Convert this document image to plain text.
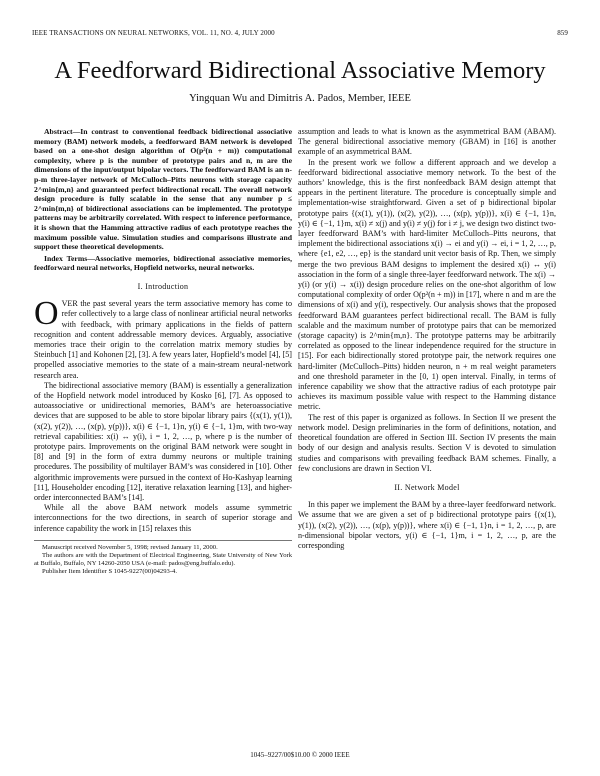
IEEE TRANSACTIONS ON NEURAL NETWORKS, VOL. 11, NO. 4, JULY 2000	859
A Feedforward Bidirectional Associative Memory
Yingquan Wu and Dimitris A. Pados, Member, IEEE

Abstract—In contrast to conventional feedback bidirectional associative memory (BAM) network models, a feedforward BAM network is developed based on a one-shot design algorithm of O(p²(n + m)) computational complexity, where p is the number of prototype pairs and n, m are the dimensions of the input/output bipolar vectors. The feedforward BAM is an n-p-m three-layer network of McCulloch–Pitts neurons with storage capacity 2^min{m,n} and guaranteed perfect bidirectional recall. The overall network design procedure is fully scalable in the sense that any number p ≤ 2^min{m,n} of bidirectional associations can be implemented. The prototype patterns may be arbitrarily correlated. With respect to inference performance, it is shown that the Hamming attractive radius of each prototype reaches the maximum possible value. Simulation studies and comparisons illustrate and support these theoretical developments.

Index Terms—Associative memories, bidirectional associative memories, feedforward neural networks, Hopfield networks, neural networks.

I. Introduction

OVER the past several years the term associative memory has come to refer collectively to a large class of nonlinear artificial neural networks with feedback, with primary applications in the fields of pattern recognition and content addressable memory devices. Arguably, associative memories trace their origin to the correlation matrix memory studies by Steinbuch [1] and Kohonen [2], [3]. A few years later, Hopfield’s model [4], [5] propelled associative memories to the state of a main-stream neural-network research area.

The bidirectional associative memory (BAM) is essentially a generalization of the Hopfield network model introduced by Kosko [6], [7]. As opposed to autoassociative or unidirectional memories, BAM’s are heteroassociative devices that are supposed to be able to store bipolar library pairs {(x(1), y(1)), (x(2), y(2)), …, (x(p), y(p))}, x(i) ∈ {−1, 1}n, y(i) ∈ {−1, 1}m, with two-way retrieval capabilities: x(i) ↔ y(i), i = 1, 2, …, p, where p is the number of prototype pairs. Improvements on the original BAM network were sought in [8] and [9] in the form of extra dummy neurons or multiple training procedures. The possibility of multilayer BAM’s was considered in [10]. Other algorithmic improvements were pursued in the context of Ho-Kashyap learning [11], Householder encoding [12], iterative relaxation learning [13], and higher-order interconnected BAM’s [14].

While all the above BAM network models assume symmetric interconnections for the two directions, in search of superior storage and inference capability the work in [15] relaxes this

Manuscript received November 5, 1998; revised January 11, 2000.

The authors are with the Department of Electrical Engineering, State University of New York at Buffalo, Buffalo, NY 14260-2050 USA (e-mail: pados@eng.buffalo.edu).

Publisher Item Identifier S 1045-9227(00)04293-4.

assumption and leads to what is known as the asymmetrical BAM (ABAM). The general bidirectional associative memory (GBAM) in [16] is another example of an asymmetrical BAM.

In the present work we follow a different approach and we develop a feedforward bidirectional associative memory network. To the best of the authors’ knowledge, this is the first nonfeedback BAM design attempt that appears in the pertinent literature. The procedure is conceptually simple and implementation-wise straightforward. Given a set of p bidirectional bipolar prototype pairs {(x(1), y(1)), (x(2), y(2)), …, (x(p), y(p))}, x(i) ∈ {−1, 1}n, y(i) ∈ {−1, 1}m, x(i) ≠ x(j) and y(i) ≠ y(j) for i ≠ j, we design two distinct two-layer feedforward BAM’s with hard-limiter McCulloch–Pitts neurons, that implement the bidirectional associations x(i) → ei and y(i) → ei, i = 1, 2, …, p, where {e1, e2, …, ep} is the standard unit vector basis of Rp. Then, we simply merge the two previous BAM designs to implement the desired x(i) ↔ y(i) association in the form of a single three-layer feedforward network. The x(i) → y(i) (or y(i) → x(i)) design procedure relies on the one-shot algorithm of low computational complexity of order O(p²(n + m)) in [17], where n and m are the dimensions of x(i) and y(i), respectively. Our analysis shows that the proposed feedforward BAM guarantees perfect bidirectional recall. The BAM is fully scalable and the maximum number of prototype pairs that can be memorized (storage capacity) is 2^min{m,n}. The prototype patterns may be arbitrarily correlated as opposed to the linear independence required for the structure in [15]. For each bidirectionally stored prototype pair, the network requires one hard-limiter (McCulloch–Pitts) hidden neuron, n + m real weight parameters and one threshold parameter in the [0, 1) open interval. Finally, in terms of inference capability we show that the attractive radius of each prototype pair achieves its maximum possible value with respect to the Hamming distance metric.

The rest of this paper is organized as follows. In Section II we present the network model. Design preliminaries in the form of definitions, notation, and theoretical foundation are offered in Section III. Section IV presents the main body of our design and analysis results. Section V is devoted to simulation studies and comparisons with prevailing feedback BAM schemes. Finally, a few conclusions are drawn in Section VI.

II. Network Model

In this paper we implement the BAM by a three-layer feedforward network. We assume that we are given a set of p bidirectional prototype pairs {(x(1), y(1)), (x(2), y(2)), …, (x(p), y(p))}, where x(i) ∈ {−1, 1}n, i = 1, 2, …, p, are n-dimensional bipolar vectors, y(i) ∈ {−1, 1}m, i = 1, 2, …, p, are the corresponding

1045–9227/00$10.00 © 2000 IEEE
